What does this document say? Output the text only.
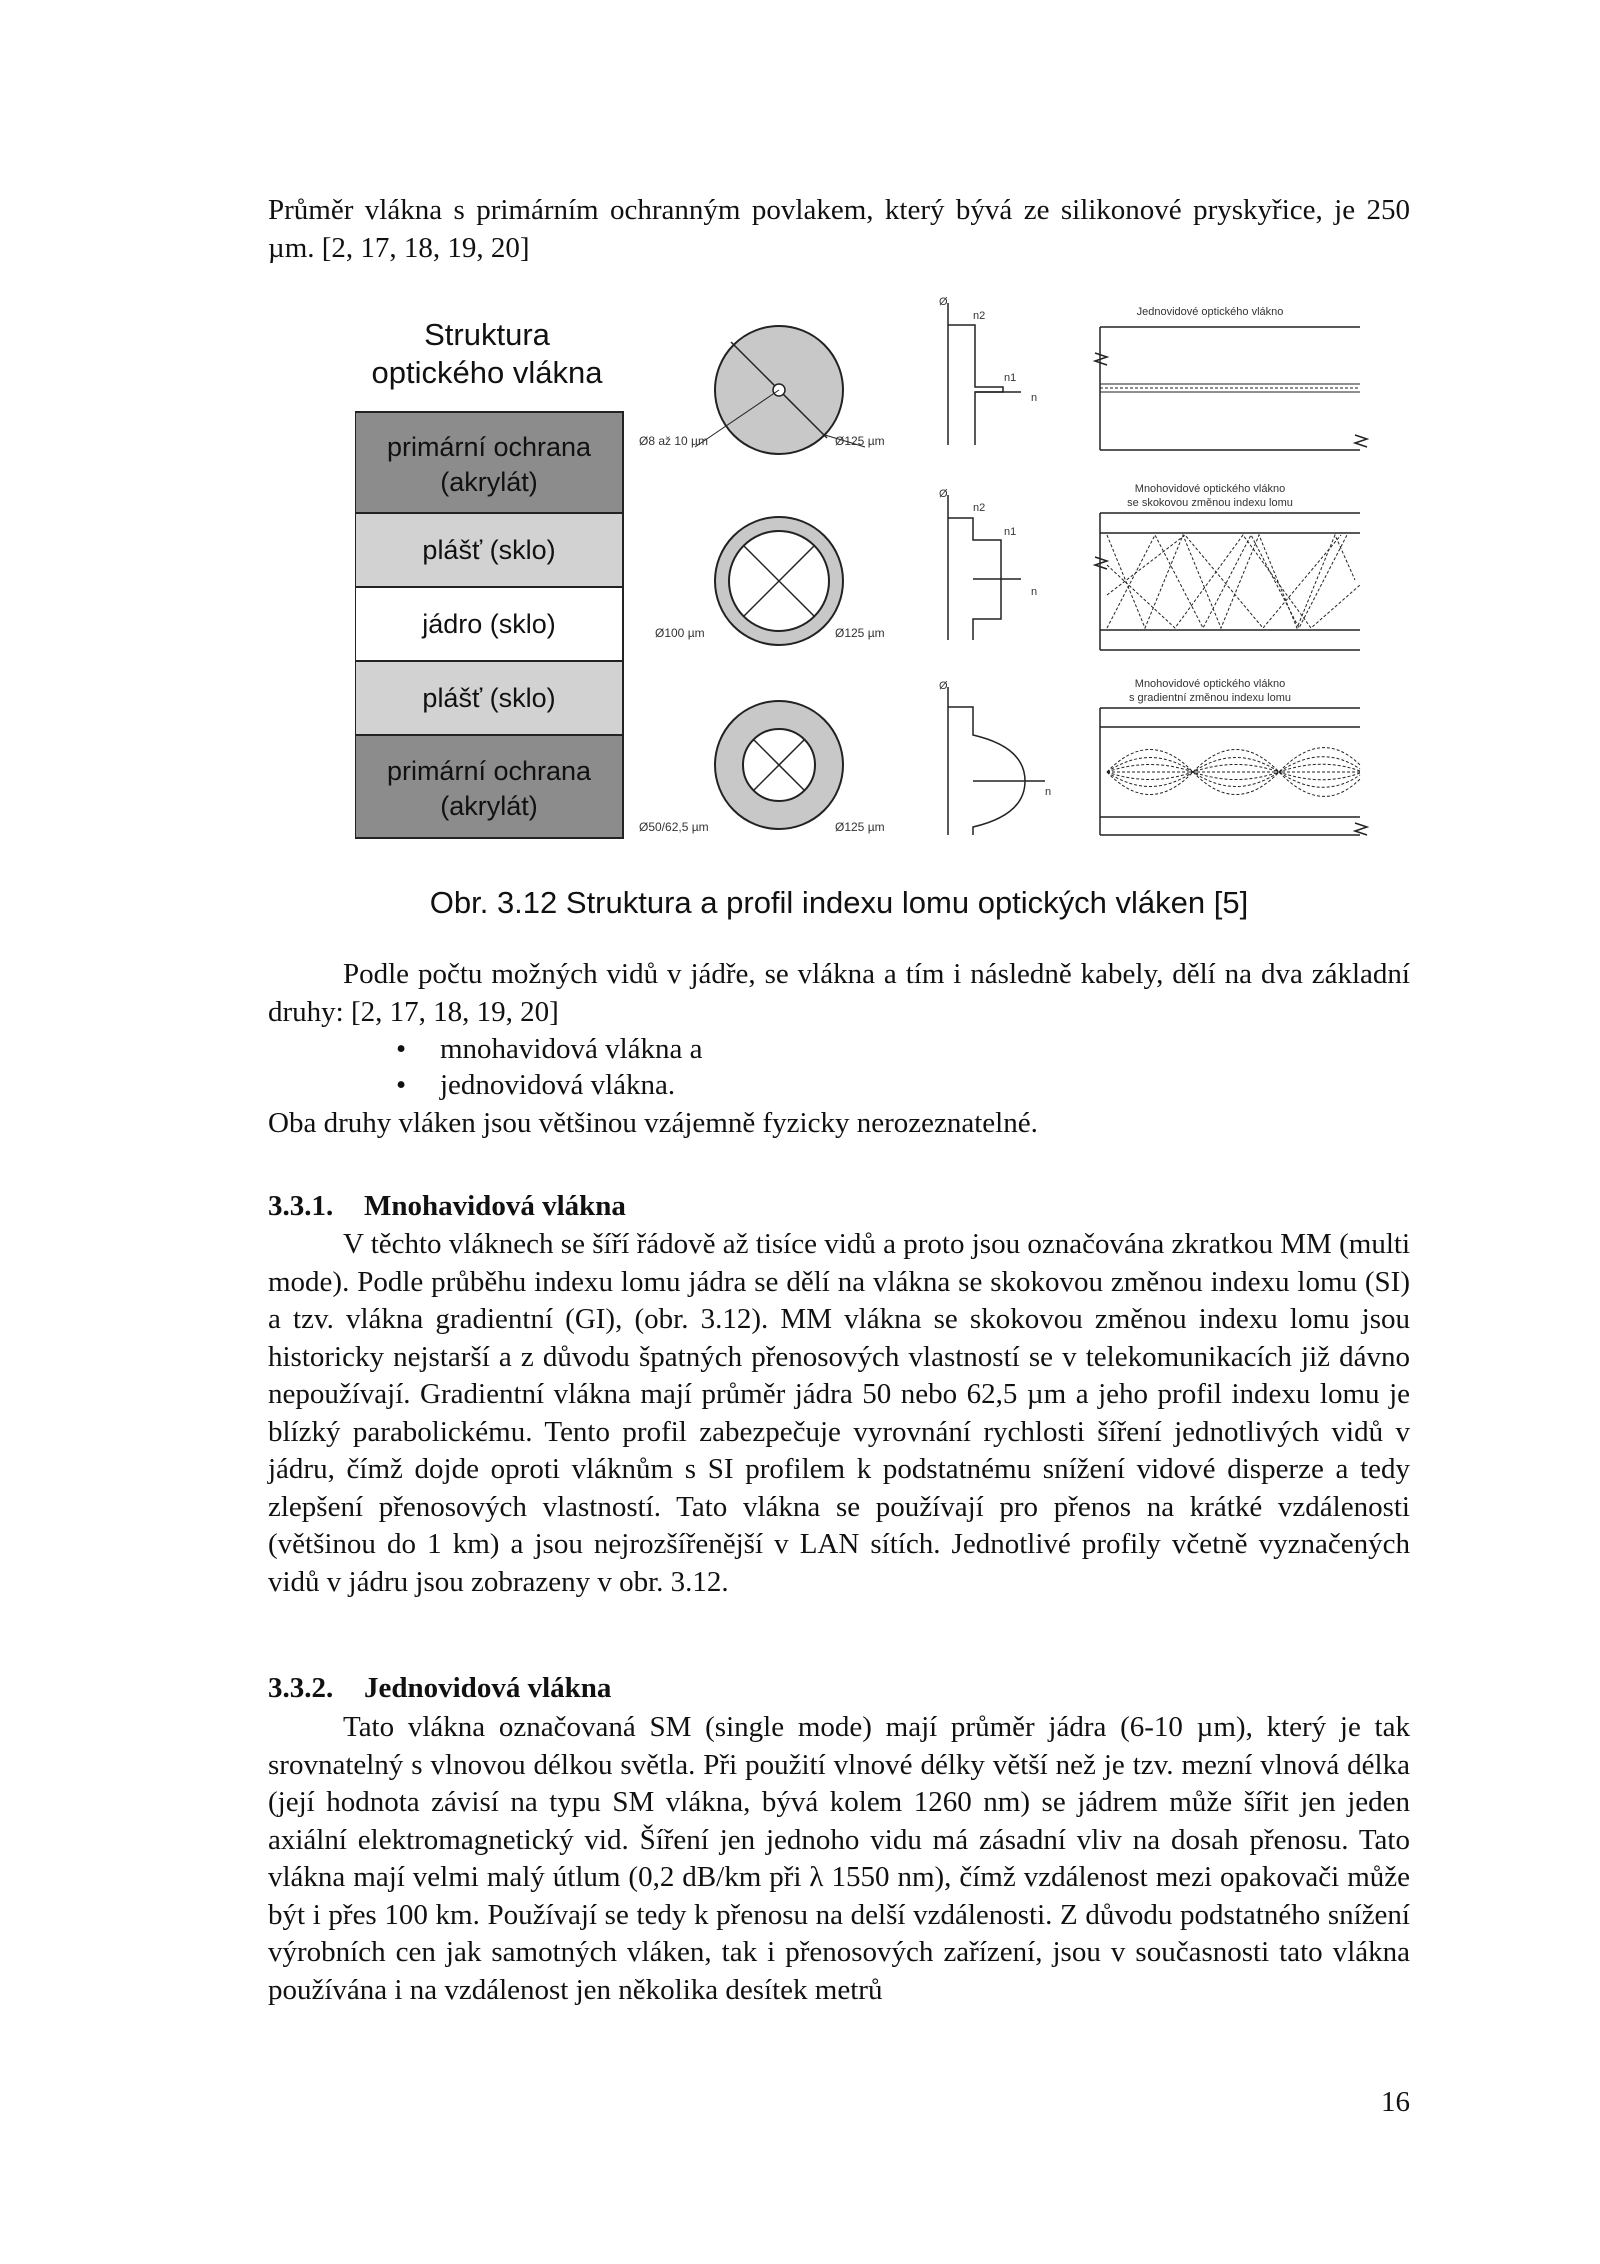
Průměr vlákna s primárním ochranným povlakem, který bývá ze silikonové pryskyřice, je 250 µm. [2, 17, 18, 19, 20]

Struktura
optického vlákna
primární ochrana
(akrylát)
plášť (sklo)
jádro (sklo)
plášť (sklo)
primární ochrana
(akrylát)
Ø8 až 10 µm	Ø125 µm
Ø
n2
n1
n
Jednovidové optického vlákno
Ø100 µm	Ø125 µm
Ø
n2
n1
n
Mnohovidové optického vlákno
se skokovou změnou indexu lomu
Ø50/62,5 µm	Ø125 µm
Ø
n
Mnohovidové optického vlákno
s gradientní změnou indexu lomu

Obr. 3.12 Struktura a profil indexu lomu optických vláken [5]

Podle počtu možných vidů v jádře, se vlákna a tím i následně kabely, dělí na dva základní druhy: [2, 17, 18, 19, 20]

• mnohavidová vlákna a
• jednovidová vlákna.

Oba druhy vláken jsou většinou vzájemně fyzicky nerozeznatelné.

3.3.1. Mnohavidová vlákna

V těchto vláknech se šíří řádově až tisíce vidů a proto jsou označována zkratkou MM (multi mode). Podle průběhu indexu lomu jádra se dělí na vlákna se skokovou změnou indexu lomu (SI) a tzv. vlákna gradientní (GI), (obr. 3.12). MM vlákna se skokovou změnou indexu lomu jsou historicky nejstarší a z důvodu špatných přenosových vlastností se v telekomunikacích již dávno nepoužívají. Gradientní vlákna mají průměr jádra 50 nebo 62,5 µm a jeho profil indexu lomu je blízký parabolickému. Tento profil zabezpečuje vyrovnání rychlosti šíření jednotlivých vidů v jádru, čímž dojde oproti vláknům s SI profilem k podstatnému snížení vidové disperze a tedy zlepšení přenosových vlastností. Tato vlákna se používají pro přenos na krátké vzdálenosti (většinou do 1 km) a jsou nejrozšířenější v LAN sítích. Jednotlivé profily včetně vyznačených vidů v jádru jsou zobrazeny v obr. 3.12.

3.3.2. Jednovidová vlákna

Tato vlákna označovaná SM (single mode) mají průměr jádra (6-10 µm), který je tak srovnatelný s vlnovou délkou světla. Při použití vlnové délky větší než je tzv. mezní vlnová délka (její hodnota závisí na typu SM vlákna, bývá kolem 1260 nm) se jádrem může šířit jen jeden axiální elektromagnetický vid. Šíření jen jednoho vidu má zásadní vliv na dosah přenosu. Tato vlákna mají velmi malý útlum (0,2 dB/km při λ 1550 nm), čímž vzdálenost mezi opakovači může být i přes 100 km. Používají se tedy k přenosu na delší vzdálenosti. Z důvodu podstatného snížení výrobních cen jak samotných vláken, tak i přenosových zařízení, jsou v současnosti tato vlákna používána i na vzdálenost jen několika desítek metrů

16
